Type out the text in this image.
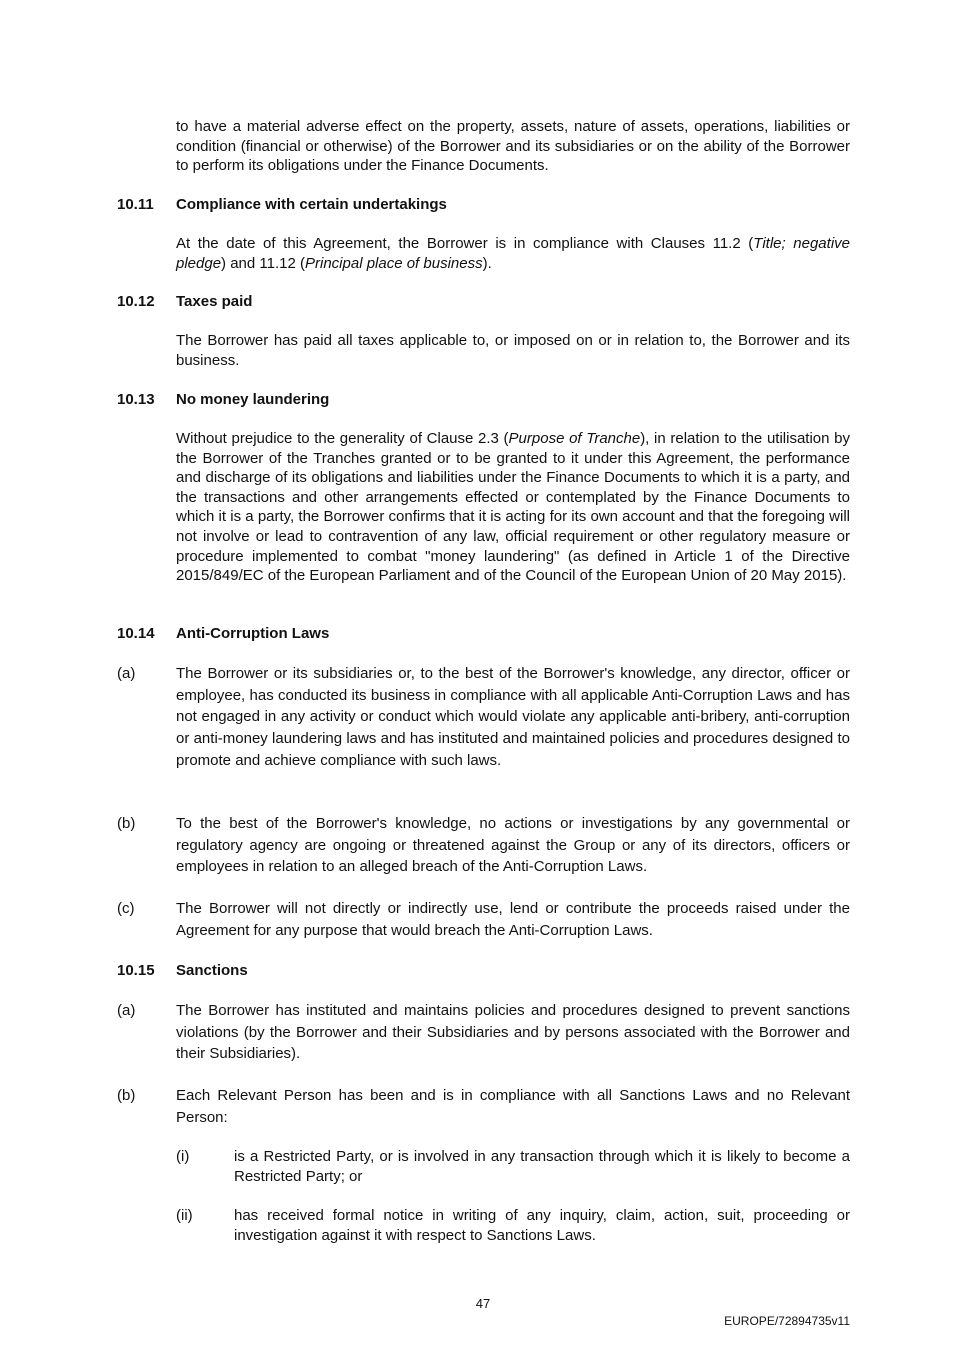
to have a material adverse effect on the property, assets, nature of assets, operations, liabilities or condition (financial or otherwise) of the Borrower and its subsidiaries or on the ability of the Borrower to perform its obligations under the Finance Documents.

10.11 Compliance with certain undertakings

At the date of this Agreement, the Borrower is in compliance with Clauses 11.2 (Title; negative pledge) and 11.12 (Principal place of business).

10.12 Taxes paid

The Borrower has paid all taxes applicable to, or imposed on or in relation to, the Borrower and its business.

10.13 No money laundering

Without prejudice to the generality of Clause 2.3 (Purpose of Tranche), in relation to the utilisation by the Borrower of the Tranches granted or to be granted to it under this Agreement, the performance and discharge of its obligations and liabilities under the Finance Documents to which it is a party, and the transactions and other arrangements effected or contemplated by the Finance Documents to which it is a party, the Borrower confirms that it is acting for its own account and that the foregoing will not involve or lead to contravention of any law, official requirement or other regulatory measure or procedure implemented to combat "money laundering" (as defined in Article 1 of the Directive 2015/849/EC of the European Parliament and of the Council of the European Union of 20 May 2015).

10.14 Anti-Corruption Laws
(a)	The Borrower or its subsidiaries or, to the best of the Borrower's knowledge, any director, officer or employee, has conducted its business in compliance with all applicable Anti-Corruption Laws and has not engaged in any activity or conduct which would violate any applicable anti-bribery, anti-corruption or anti-money laundering laws and has instituted and maintained policies and procedures designed to promote and achieve compliance with such laws.

(b)	To the best of the Borrower's knowledge, no actions or investigations by any governmental or regulatory agency are ongoing or threatened against the Group or any of its directors, officers or employees in relation to an alleged breach of the Anti-Corruption Laws.

(c)	The Borrower will not directly or indirectly use, lend or contribute the proceeds raised under the Agreement for any purpose that would breach the Anti-Corruption Laws.

10.15 Sanctions
(a)	The Borrower has instituted and maintains policies and procedures designed to prevent sanctions violations (by the Borrower and their Subsidiaries and by persons associated with the Borrower and their Subsidiaries).

(b)	Each Relevant Person has been and is in compliance with all Sanctions Laws and no Relevant Person:

(i)	is a Restricted Party, or is involved in any transaction through which it is likely to become a Restricted Party; or

(ii)	has received formal notice in writing of any inquiry, claim, action, suit, proceeding or investigation against it with respect to Sanctions Laws.

47
EUROPE/72894735v11
